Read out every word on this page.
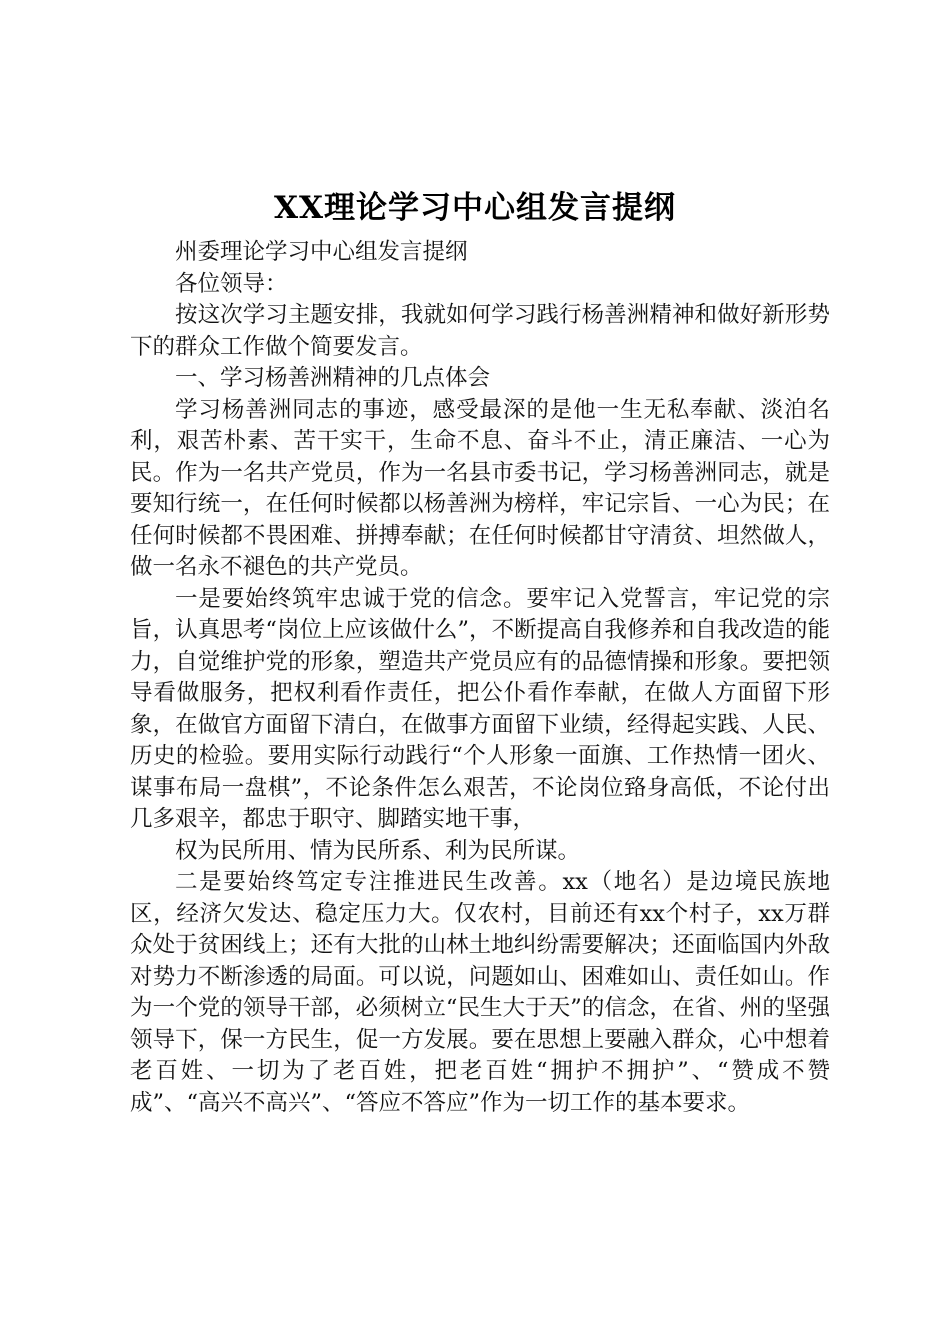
XX理论学习中心组发言提纲

州委理论学习中心组发言提纲

各位领导：

按这次学习主题安排，我就如何学习践行杨善洲精神和做好新形势下的群众工作做个简要发言。

一、学习杨善洲精神的几点体会

学习杨善洲同志的事迹，感受最深的是他一生无私奉献、淡泊名利，艰苦朴素、苦干实干，生命不息、奋斗不止，清正廉洁、一心为民。作为一名共产党员，作为一名县市委书记，学习杨善洲同志，就是要知行统一，在任何时候都以杨善洲为榜样，牢记宗旨、一心为民；在任何时候都不畏困难、拼搏奉献；在任何时候都甘守清贫、坦然做人，做一名永不褪色的共产党员。

一是要始终筑牢忠诚于党的信念。要牢记入党誓言，牢记党的宗旨，认真思考“岗位上应该做什么”，不断提高自我修养和自我改造的能力，自觉维护党的形象，塑造共产党员应有的品德情操和形象。要把领导看做服务，把权利看作责任，把公仆看作奉献，在做人方面留下形象，在做官方面留下清白，在做事方面留下业绩，经得起实践、人民、历史的检验。要用实际行动践行“个人形象一面旗、工作热情一团火、谋事布局一盘棋”，不论条件怎么艰苦，不论岗位臵身高低，不论付出几多艰辛，都忠于职守、脚踏实地干事，

权为民所用、情为民所系、利为民所谋。

二是要始终笃定专注推进民生改善。xx（地名）是边境民族地区，经济欠发达、稳定压力大。仅农村，目前还有xx个村子，xx万群众处于贫困线上；还有大批的山林土地纠纷需要解决；还面临国内外敌对势力不断渗透的局面。可以说，问题如山、困难如山、责任如山。作为一个党的领导干部，必须树立“民生大于天”的信念，在省、州的坚强领导下，保一方民生，促一方发展。要在思想上要融入群众，心中想着老百姓、一切为了老百姓，把老百姓“拥护不拥护”、“赞成不赞成”、“高兴不高兴”、“答应不答应”作为一切工作的基本要求。
